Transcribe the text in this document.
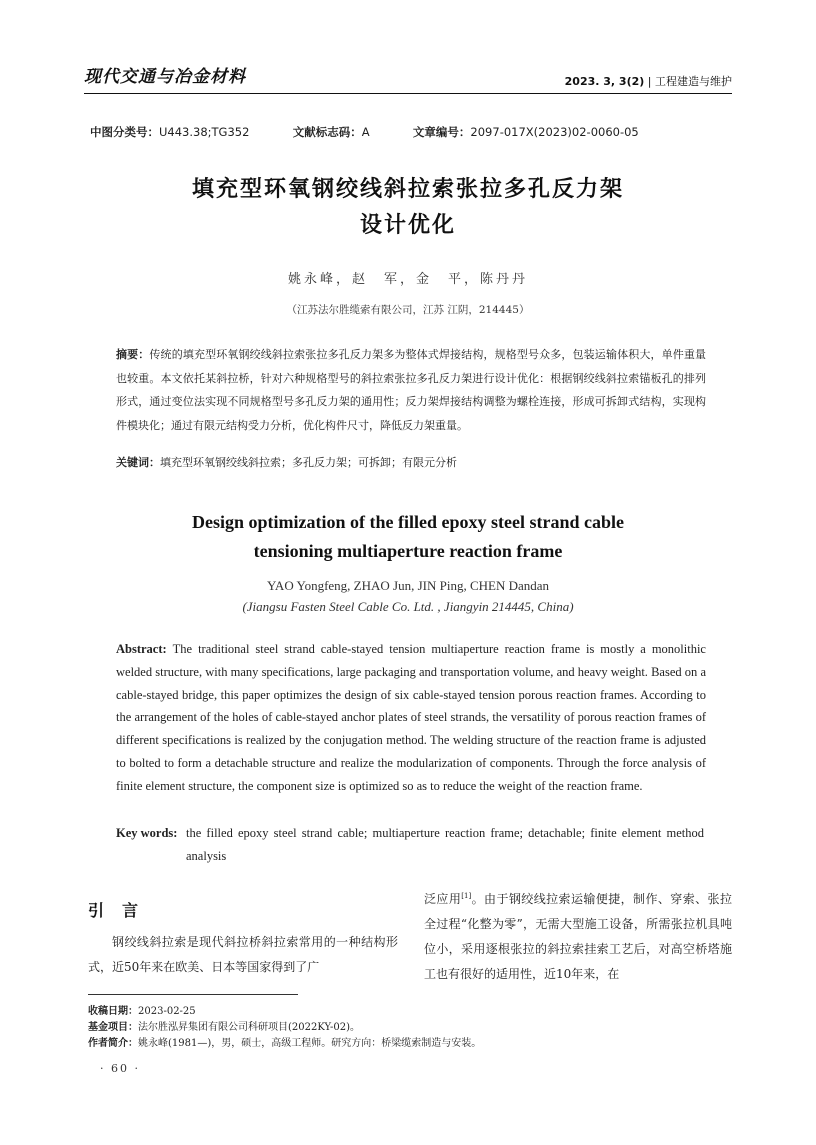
现代交通与冶金材料	2023. 3, 3(2) | 工程建造与维护
中图分类号：U443.38;TG352	文献标志码：A	文章编号：2097-017X(2023)02-0060-05
填充型环氧钢绞线斜拉索张拉多孔反力架
设计优化
姚永峰，赵　军，金　平，陈丹丹
（江苏法尔胜缆索有限公司，江苏 江阴，214445）
摘要：传统的填充型环氧钢绞线斜拉索张拉多孔反力架多为整体式焊接结构，规格型号众多，包装运输体积大，单件重量也较重。本文依托某斜拉桥，针对六种规格型号的斜拉索张拉多孔反力架进行设计优化：根据钢绞线斜拉索锚板孔的排列形式，通过变位法实现不同规格型号多孔反力架的通用性；反力架焊接结构调整为螺栓连接，形成可拆卸式结构，实现构件模块化；通过有限元结构受力分析，优化构件尺寸，降低反力架重量。
关键词：填充型环氧钢绞线斜拉索；多孔反力架；可拆卸；有限元分析
Design optimization of the filled epoxy steel strand cable
tensioning multiaperture reaction frame
YAO Yongfeng, ZHAO Jun, JIN Ping, CHEN Dandan
(Jiangsu Fasten Steel Cable Co. Ltd. , Jiangyin 214445, China)
Abstract: The traditional steel strand cable-stayed tension multiaperture reaction frame is mostly a monolithic welded structure, with many specifications, large packaging and transportation volume, and heavy weight. Based on a cable-stayed bridge, this paper optimizes the design of six cable-stayed tension porous reaction frames. According to the arrangement of the holes of cable-stayed anchor plates of steel strands, the versatility of porous reaction frames of different specifications is realized by the conjugation method. The welding structure of the reaction frame is adjusted to bolted to form a detachable structure and realize the modularization of components. Through the force analysis of finite element structure, the component size is optimized so as to reduce the weight of the reaction frame.
Key words: the filled epoxy steel strand cable; multiaperture reaction frame; detachable; finite element method analysis
引言
钢绞线斜拉索是现代斜拉桥斜拉索常用的一种结构形式，近50年来在欧美、日本等国家得到了广
泛应用[1]。由于钢绞线拉索运输便捷，制作、穿索、张拉全过程“化整为零”，无需大型施工设备，所需张拉机具吨位小，采用逐根张拉的斜拉索挂索工艺后，对高空桥塔施工也有很好的适用性，近10年来，在
收稿日期：2023-02-25
基金项目：法尔胜泓昇集团有限公司科研项目(2022KY-02)。
作者简介：姚永峰(1981—)，男，硕士，高级工程师。研究方向：桥梁缆索制造与安装。
· 60 ·
